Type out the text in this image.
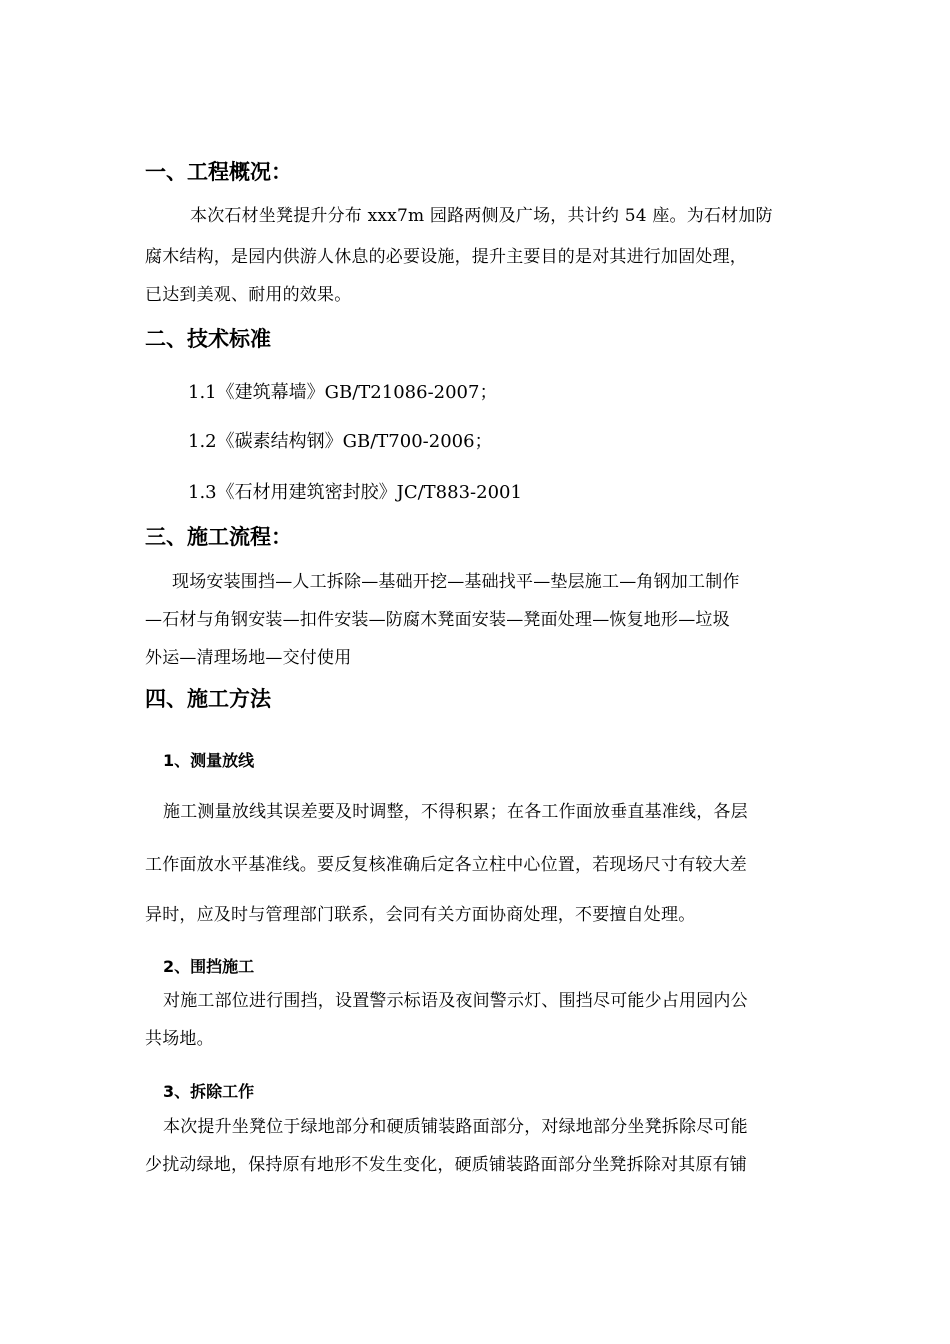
一、工程概况：
本次石材坐凳提升分布 xxx7m 园路两侧及广场，共计约 54 座。为石材加防
腐木结构，是园内供游人休息的必要设施，提升主要目的是对其进行加固处理，
已达到美观、耐用的效果。
二、技术标准
1.1《建筑幕墙》GB/T21086-2007；
1.2《碳素结构钢》GB/T700-2006；
1.3《石材用建筑密封胶》JC/T883-2001
三、施工流程：
现场安装围挡—人工拆除—基础开挖—基础找平—垫层施工—角钢加工制作
—石材与角钢安装—扣件安装—防腐木凳面安装—凳面处理—恢复地形—垃圾
外运—清理场地—交付使用
四、施工方法
1、测量放线
施工测量放线其误差要及时调整，不得积累；在各工作面放垂直基准线，各层
工作面放水平基准线。要反复核准确后定各立柱中心位置，若现场尺寸有较大差
异时，应及时与管理部门联系，会同有关方面协商处理，不要擅自处理。
2、围挡施工
对施工部位进行围挡，设置警示标语及夜间警示灯、围挡尽可能少占用园内公
共场地。
3、拆除工作
本次提升坐凳位于绿地部分和硬质铺装路面部分，对绿地部分坐凳拆除尽可能
少扰动绿地，保持原有地形不发生变化，硬质铺装路面部分坐凳拆除对其原有铺
